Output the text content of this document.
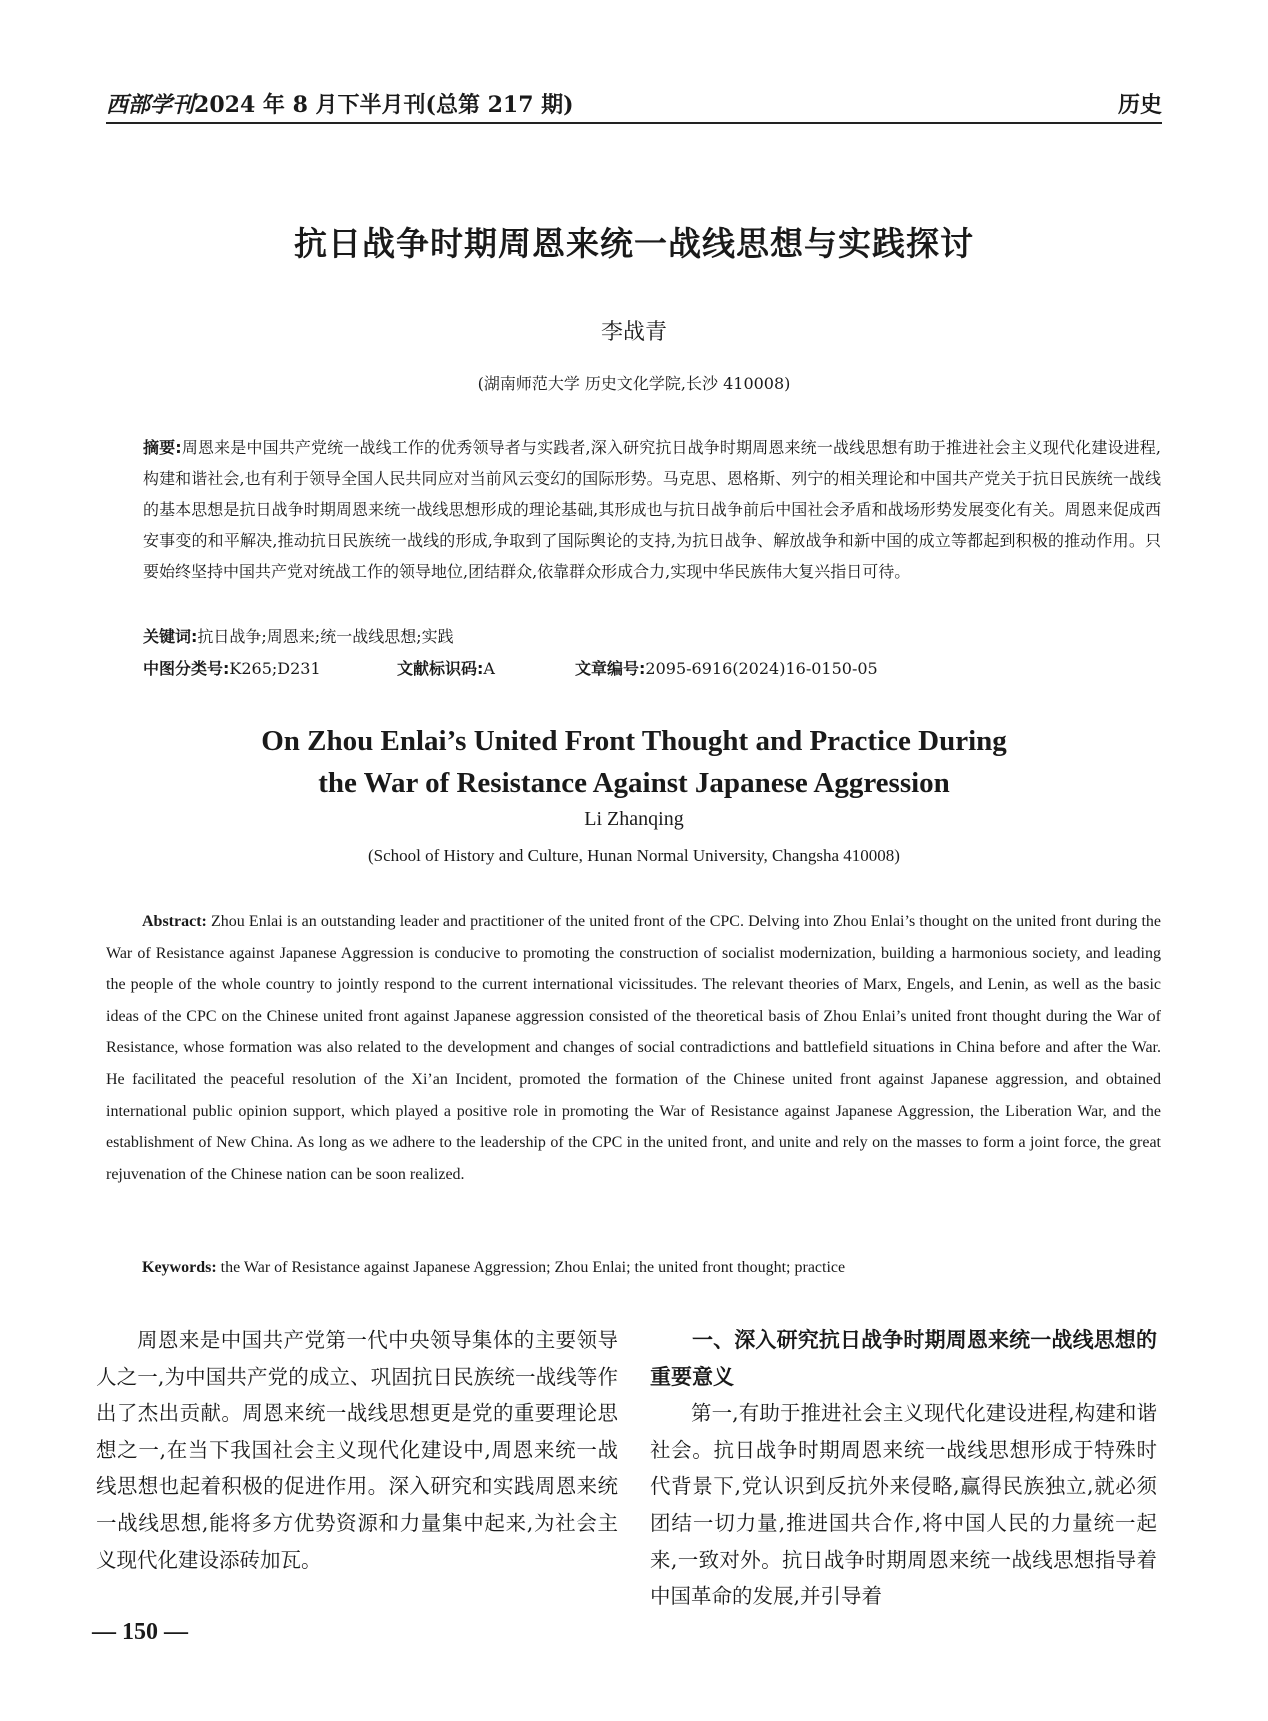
西部学刊2024 年 8 月下半月刊(总第 217 期)	历史
抗日战争时期周恩来统一战线思想与实践探讨
李战青
(湖南师范大学 历史文化学院,长沙 410008)
摘要:周恩来是中国共产党统一战线工作的优秀领导者与实践者,深入研究抗日战争时期周恩来统一战线思想有助于推进社会主义现代化建设进程,构建和谐社会,也有利于领导全国人民共同应对当前风云变幻的国际形势。马克思、恩格斯、列宁的相关理论和中国共产党关于抗日民族统一战线的基本思想是抗日战争时期周恩来统一战线思想形成的理论基础,其形成也与抗日战争前后中国社会矛盾和战场形势发展变化有关。周恩来促成西安事变的和平解决,推动抗日民族统一战线的形成,争取到了国际舆论的支持,为抗日战争、解放战争和新中国的成立等都起到积极的推动作用。只要始终坚持中国共产党对统战工作的领导地位,团结群众,依靠群众形成合力,实现中华民族伟大复兴指日可待。
关键词:抗日战争;周恩来;统一战线思想;实践
中图分类号:K265;D231	文献标识码:A	文章编号:2095-6916(2024)16-0150-05
On Zhou Enlai’s United Front Thought and Practice During
the War of Resistance Against Japanese Aggression
Li Zhanqing
(School of History and Culture, Hunan Normal University, Changsha 410008)
Abstract: Zhou Enlai is an outstanding leader and practitioner of the united front of the CPC. Delving into Zhou Enlai’s thought on the united front during the War of Resistance against Japanese Aggression is conducive to promoting the construction of socialist modernization, building a harmonious society, and leading the people of the whole country to jointly respond to the current international vicissitudes. The relevant theories of Marx, Engels, and Lenin, as well as the basic ideas of the CPC on the Chinese united front against Japanese aggression consisted of the theoretical basis of Zhou Enlai’s united front thought during the War of Resistance, whose formation was also related to the development and changes of social contradictions and battlefield situations in China before and after the War. He facilitated the peaceful resolution of the Xi’an Incident, promoted the formation of the Chinese united front against Japanese aggression, and obtained international public opinion support, which played a positive role in promoting the War of Resistance against Japanese Aggression, the Liberation War, and the establishment of New China. As long as we adhere to the leadership of the CPC in the united front, and unite and rely on the masses to form a joint force, the great rejuvenation of the Chinese nation can be soon realized.
Keywords: the War of Resistance against Japanese Aggression; Zhou Enlai; the united front thought; practice
周恩来是中国共产党第一代中央领导集体的主要领导人之一,为中国共产党的成立、巩固抗日民族统一战线等作出了杰出贡献。周恩来统一战线思想更是党的重要理论思想之一,在当下我国社会主义现代化建设中,周恩来统一战线思想也起着积极的促进作用。深入研究和实践周恩来统一战线思想,能将多方优势资源和力量集中起来,为社会主义现代化建设添砖加瓦。
一、深入研究抗日战争时期周恩来统一战线思想的重要意义

第一,有助于推进社会主义现代化建设进程,构建和谐社会。抗日战争时期周恩来统一战线思想形成于特殊时代背景下,党认识到反抗外来侵略,赢得民族独立,就必须团结一切力量,推进国共合作,将中国人民的力量统一起来,一致对外。抗日战争时期周恩来统一战线思想指导着中国革命的发展,并引导着

— 150 —
